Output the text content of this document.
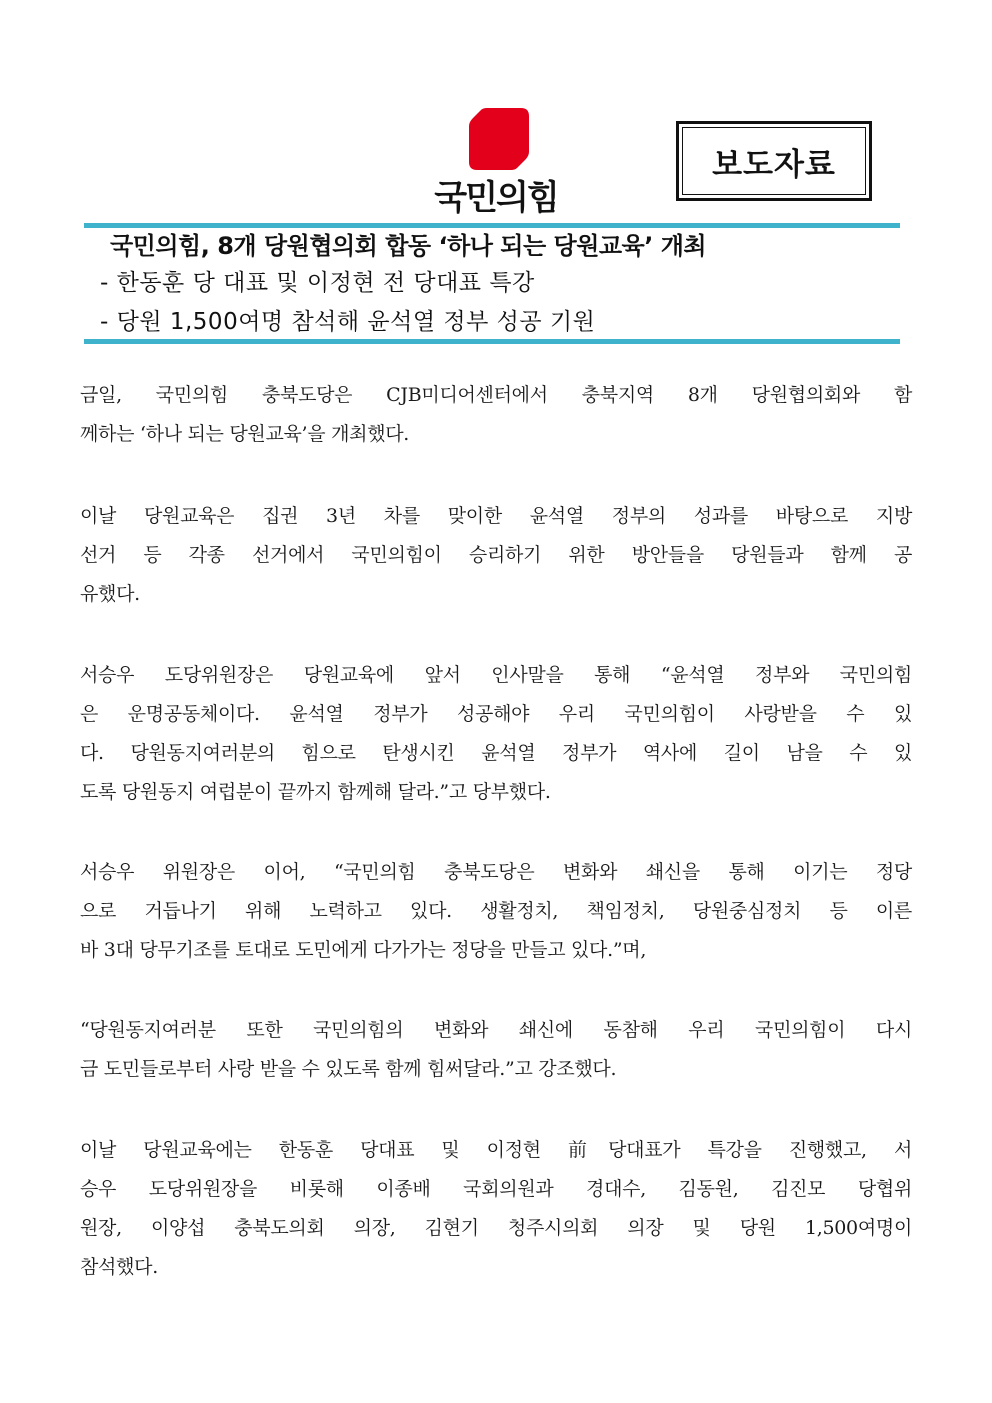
국민의힘
보도자료
국민의힘, 8개 당원협의회 합동 ‘하나 되는 당원교육’ 개최
- 한동훈 당 대표 및 이정현 전 당대표 특강
- 당원 1,500여명 참석해 윤석열 정부 성공 기원
금일, 국민의힘 충북도당은 CJB미디어센터에서 충북지역 8개 당원협의회와 함
께하는 ‘하나 되는 당원교육’을 개최했다.
이날 당원교육은 집권 3년 차를 맞이한 윤석열 정부의 성과를 바탕으로 지방
선거 등 각종 선거에서 국민의힘이 승리하기 위한 방안들을 당원들과 함께 공
유했다.
서승우 도당위원장은 당원교육에 앞서 인사말을 통해 “윤석열 정부와 국민의힘
은 운명공동체이다. 윤석열 정부가 성공해야 우리 국민의힘이 사랑받을 수 있
다. 당원동지여러분의 힘으로 탄생시킨 윤석열 정부가 역사에 길이 남을 수 있
도록 당원동지 여럽분이 끝까지 함께해 달라.”고 당부했다.
서승우 위원장은 이어, “국민의힘 충북도당은 변화와 쇄신을 통해 이기는 정당
으로 거듭나기 위해 노력하고 있다. 생활정치, 책임정치, 당원중심정치 등 이른
바 3대 당무기조를 토대로 도민에게 다가가는 정당을 만들고 있다.”며,
“당원동지여러분 또한 국민의힘의 변화와 쇄신에 동참해 우리 국민의힘이 다시
금 도민들로부터 사랑 받을 수 있도록 함께 힘써달라.”고 강조했다.
이날 당원교육에는 한동훈 당대표 및 이정현 前당대표가 특강을 진행했고, 서
승우 도당위원장을 비롯해 이종배 국회의원과 경대수, 김동원, 김진모 당협위
원장, 이양섭 충북도의회 의장, 김현기 청주시의회 의장 및 당원 1,500여명이
참석했다.
